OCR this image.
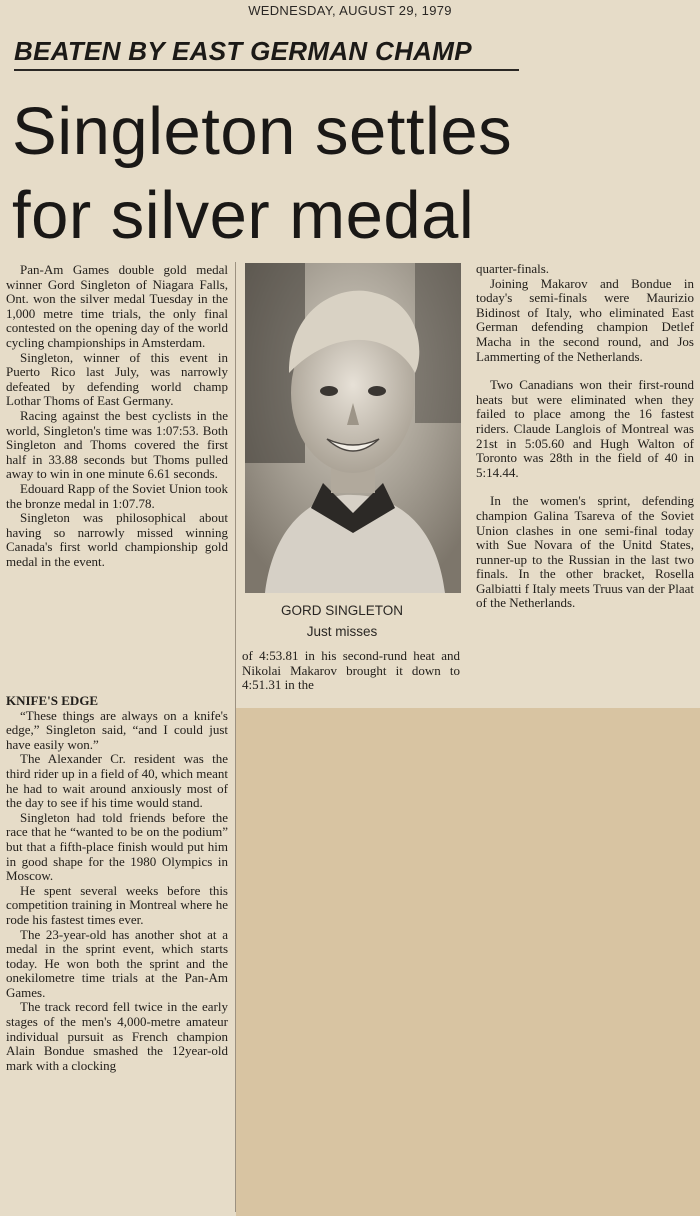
WEDNESDAY, AUGUST 29, 1979
BEATEN BY EAST GERMAN CHAMP
Singleton settles
for silver medal

Pan-Am Games double gold medal winner Gord Singleton of Niagara Falls, Ont. won the silver medal Tuesday in the 1,000 metre time trials, the only final contested on the opening day of the world cycling championships in Amsterdam.

Singleton, winner of this event in Puerto Rico last July, was narrowly defeated by defending world champ Lothar Thoms of East Germany.

Racing against the best cyclists in the world, Singleton's time was 1:07:53. Both Singleton and Thoms covered the first half in 33.88 seconds but Thoms pulled away to win in one minute 6.61 seconds.

Edouard Rapp of the Soviet Union took the bronze medal in 1:07.78.

Singleton was philosophical about having so narrowly missed winning Canada's first world championship gold medal in the event.

KNIFE'S EDGE

“These things are always on a knife's edge,” Singleton said, “and I could just have easily won.”

The Alexander Cr. resident was the third rider up in a field of 40, which meant he had to wait around anxiously most of the day to see if his time would stand.

Singleton had told friends before the race that he “wanted to be on the podium” but that a fifth-place finish would put him in good shape for the 1980 Olympics in Moscow.

He spent several weeks before this competition training in Montreal where he rode his fastest times ever.

The 23-year-old has another shot at a medal in the sprint event, which starts today. He won both the sprint and the onekilometre time trials at the Pan-Am Games.

The track record fell twice in the early stages of the men's 4,000-metre amateur individual pursuit as French champion Alain Bondue smashed the 12year-old mark with a clocking

GORD SINGLETON
Just misses

of 4:53.81 in his second-rund heat and Nikolai Makarov brought it down to 4:51.31 in the

quarter-finals.

Joining Makarov and Bondue in today's semi-finals were Maurizio Bidinost of Italy, who eliminated East German defending champion Detlef Macha in the second round, and Jos Lammerting of the Netherlands.

Two Canadians won their first-round heats but were eliminated when they failed to place among the 16 fastest riders. Claude Langlois of Montreal was 21st in 5:05.60 and Hugh Walton of Toronto was 28th in the field of 40 in 5:14.44.

In the women's sprint, defending champion Galina Tsareva of the Soviet Union clashes in one semi-final today with Sue Novara of the Unitd States, runner-up to the Russian in the last two finals. In the other bracket, Rosella Galbiatti f Italy meets Truus van der Plaat of the Netherlands.
